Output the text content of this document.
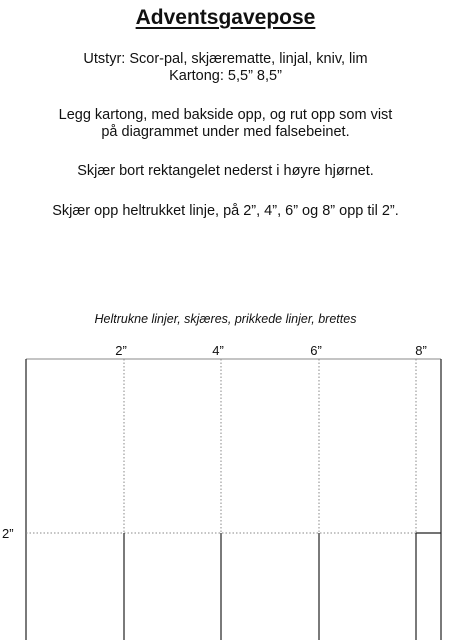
Adventsgavepose

Utstyr: Scor-pal, skjærematte, linjal, kniv, lim
Kartong: 5,5” 8,5”

Legg kartong, med bakside opp, og rut opp som vist
på diagrammet under med falsebeinet.

Skjær bort rektangelet nederst i høyre hjørnet.

Skjær opp heltrukket linje, på 2”, 4”, 6” og 8” opp til 2”.

Heltrukne linjer, skjæres, prikkede linjer, brettes

2”	4”	6”	8”
2”
